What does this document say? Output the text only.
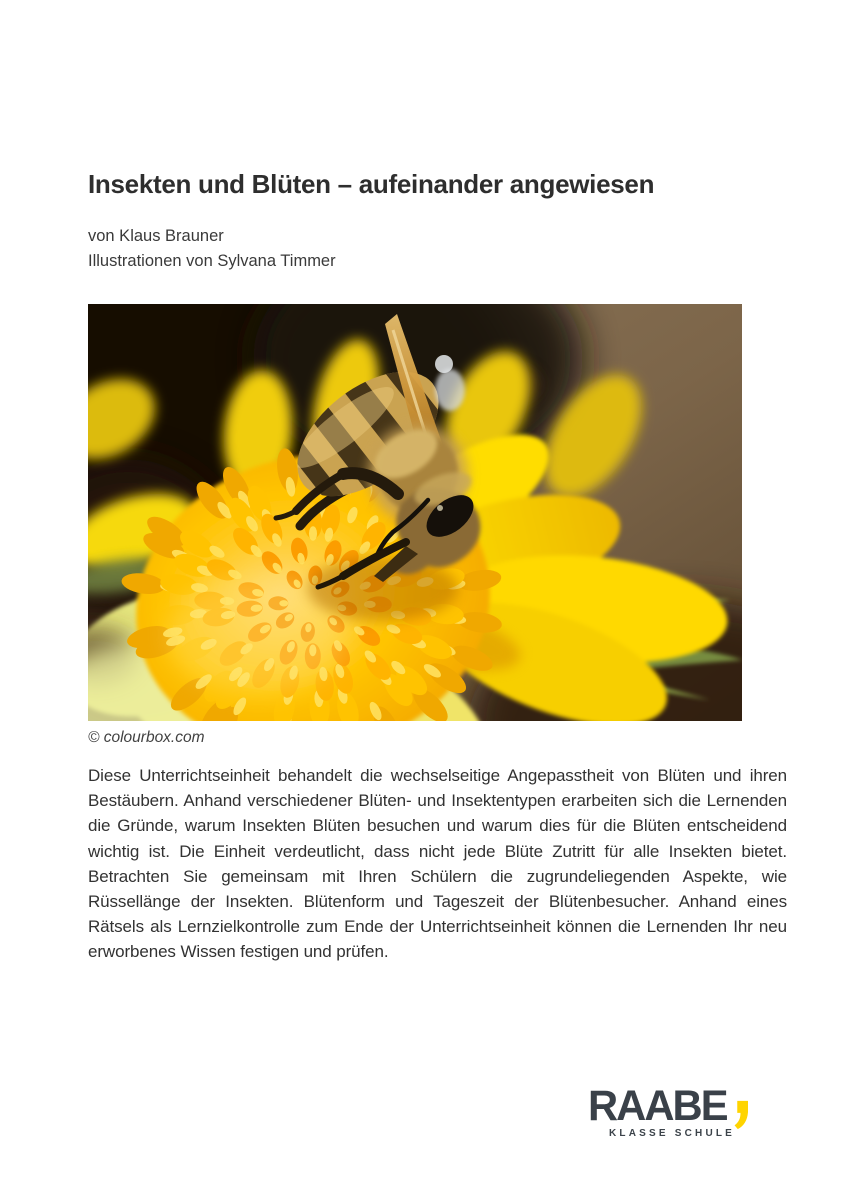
Insekten und Blüten – aufeinander angewiesen
von Klaus Brauner
Illustrationen von Sylvana Timmer
© colourbox.com

Diese Unterrichtseinheit behandelt die wechselseitige Angepasstheit von Blüten und ihren Bestäubern. Anhand verschiedener Blüten- und Insektentypen erarbeiten sich die Lernenden die Gründe, warum Insekten Blüten besuchen und warum dies für die Blüten entscheidend wichtig ist. Die Einheit verdeutlicht, dass nicht jede Blüte Zutritt für alle Insekten bietet. Betrachten Sie gemeinsam mit Ihren Schülern die zugrundeliegenden Aspekte, wie Rüssellänge der Insekten. Blütenform und Tageszeit der Blütenbesucher. Anhand eines Rätsels als Lernzielkontrolle zum Ende der Unterrichtseinheit können die Lernenden Ihr neu erworbenes Wissen festigen und prüfen.

RAABE
KLASSE SCHULE
